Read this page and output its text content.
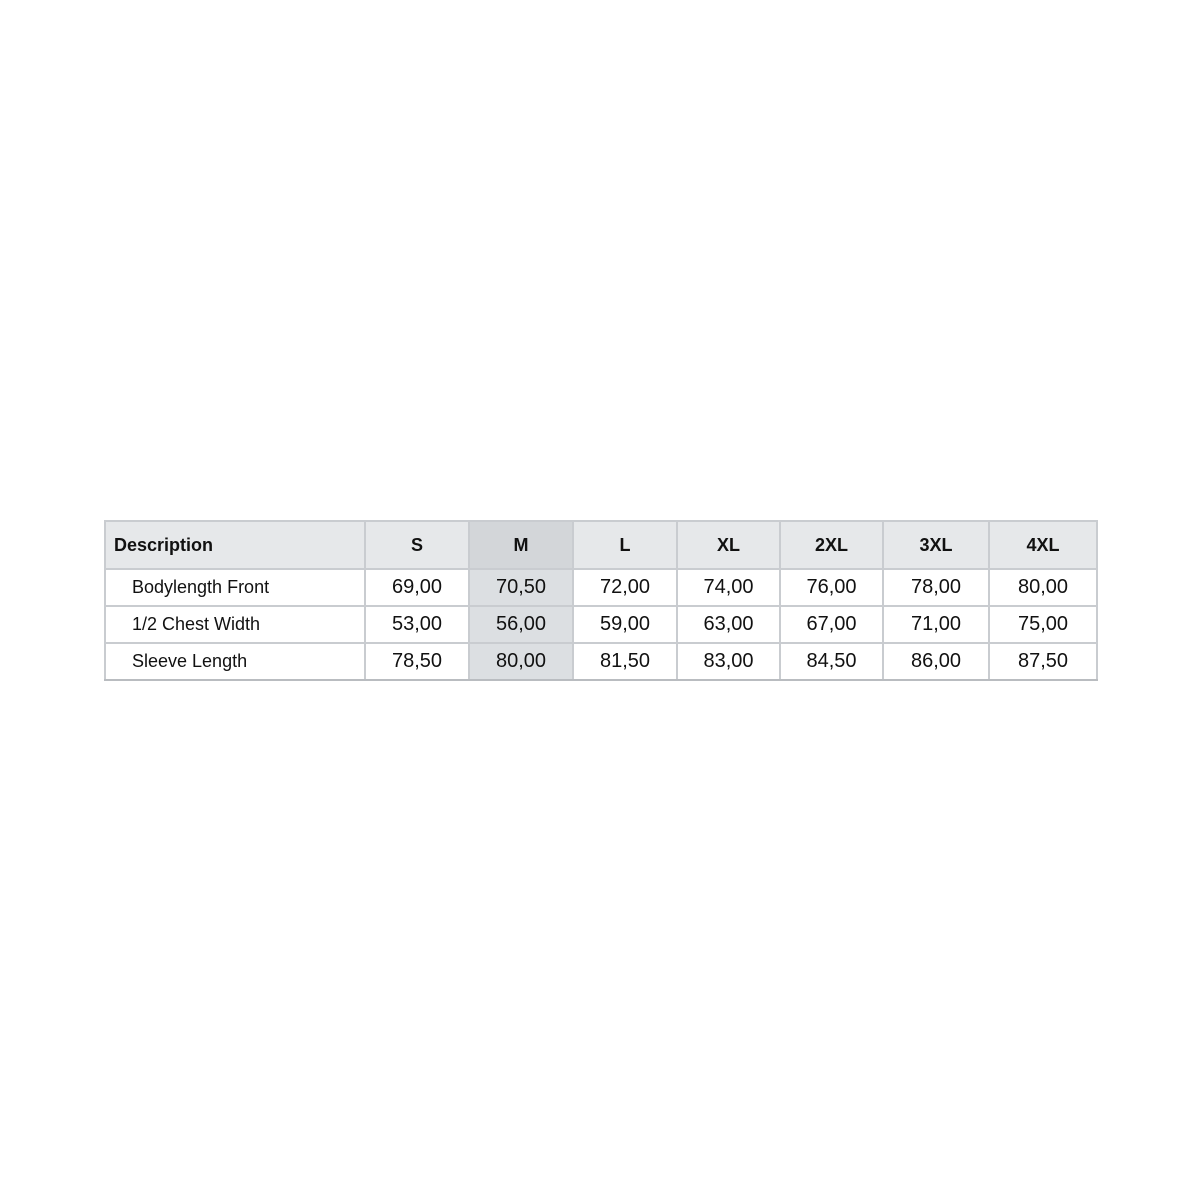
Description	S	M	L	XL	2XL	3XL	4XL
Bodylength Front	69,00	70,50	72,00	74,00	76,00	78,00	80,00
1/2 Chest Width	53,00	56,00	59,00	63,00	67,00	71,00	75,00
Sleeve Length	78,50	80,00	81,50	83,00	84,50	86,00	87,50
